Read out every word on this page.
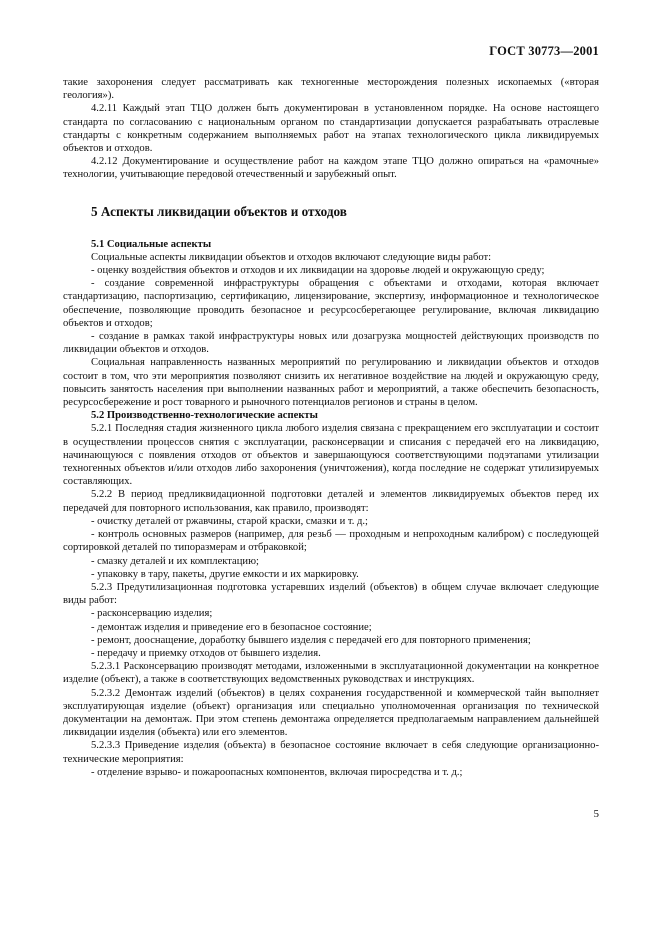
ГОСТ 30773—2001

такие захоронения следует рассматривать как техногенные месторождения полезных ископаемых («вторая геология»).

4.2.11 Каждый этап ТЦО должен быть документирован в установленном порядке. На основе настоящего стандарта по согласованию с национальным органом по стандартизации допускается разрабатывать отраслевые стандарты с конкретным содержанием выполняемых работ на этапах технологического цикла ликвидируемых объектов и отходов.

4.2.12 Документирование и осуществление работ на каждом этапе ТЦО должно опираться на «рамочные» технологии, учитывающие передовой отечественный и зарубежный опыт.

5 Аспекты ликвидации объектов и отходов

5.1 Социальные аспекты

Социальные аспекты ликвидации объектов и отходов включают следующие виды работ:

- оценку воздействия объектов и отходов и их ликвидации на здоровье людей и окружающую среду;

- создание современной инфраструктуры обращения с объектами и отходами, которая включает стандартизацию, паспортизацию, сертификацию, лицензирование, экспертизу, информационное и технологическое обеспечение, позволяющие проводить безопасное и ресурсосберегающее регулирование, включая ликвидацию объектов и отходов;

- создание в рамках такой инфраструктуры новых или дозагрузка мощностей действующих производств по ликвидации объектов и отходов.

Социальная направленность названных мероприятий по регулированию и ликвидации объектов и отходов состоит в том, что эти мероприятия позволяют снизить их негативное воздействие на людей и окружающую среду, повысить занятость населения при выполнении названных работ и мероприятий, а также обеспечить безопасность, ресурсосбережение и рост товарного и рыночного потенциалов регионов и страны в целом.

5.2 Производственно-технологические аспекты

5.2.1 Последняя стадия жизненного цикла любого изделия связана с прекращением его эксплуатации и состоит в осуществлении процессов снятия с эксплуатации, расконсервации и списания с передачей его на ликвидацию, начинающуюся с появления отходов от объектов и завершающуюся соответствующими подэтапами утилизации техногенных объектов и/или отходов либо захоронения (уничтожения), когда последние не содержат утилизируемых составляющих.

5.2.2 В период предликвидационной подготовки деталей и элементов ликвидируемых объектов перед их передачей для повторного использования, как правило, производят:

- очистку деталей от ржавчины, старой краски, смазки и т. д.;

- контроль основных размеров (например, для резьб — проходным и непроходным калибром) с последующей сортировкой деталей по типоразмерам и отбраковкой;

- смазку деталей и их комплектацию;

- упаковку в тару, пакеты, другие емкости и их маркировку.

5.2.3 Предутилизационная подготовка устаревших изделий (объектов) в общем случае включает следующие виды работ:

- расконсервацию изделия;

- демонтаж изделия и приведение его в безопасное состояние;

- ремонт, дооснащение, доработку бывшего изделия с передачей его для повторного применения;

- передачу и приемку отходов от бывшего изделия.

5.2.3.1 Расконсервацию производят методами, изложенными в эксплуатационной документации на конкретное изделие (объект), а также в соответствующих ведомственных руководствах и инструкциях.

5.2.3.2 Демонтаж изделий (объектов) в целях сохранения государственной и коммерческой тайн выполняет эксплуатирующая изделие (объект) организация или специально уполномоченная организация по технической документации на демонтаж. При этом степень демонтажа определяется предполагаемым направлением дальнейшей ликвидации изделия (объекта) или его элементов.

5.2.3.3 Приведение изделия (объекта) в безопасное состояние включает в себя следующие организационно-технические мероприятия:

- отделение взрыво- и пожароопасных компонентов, включая пиросредства и т. д.;

5
